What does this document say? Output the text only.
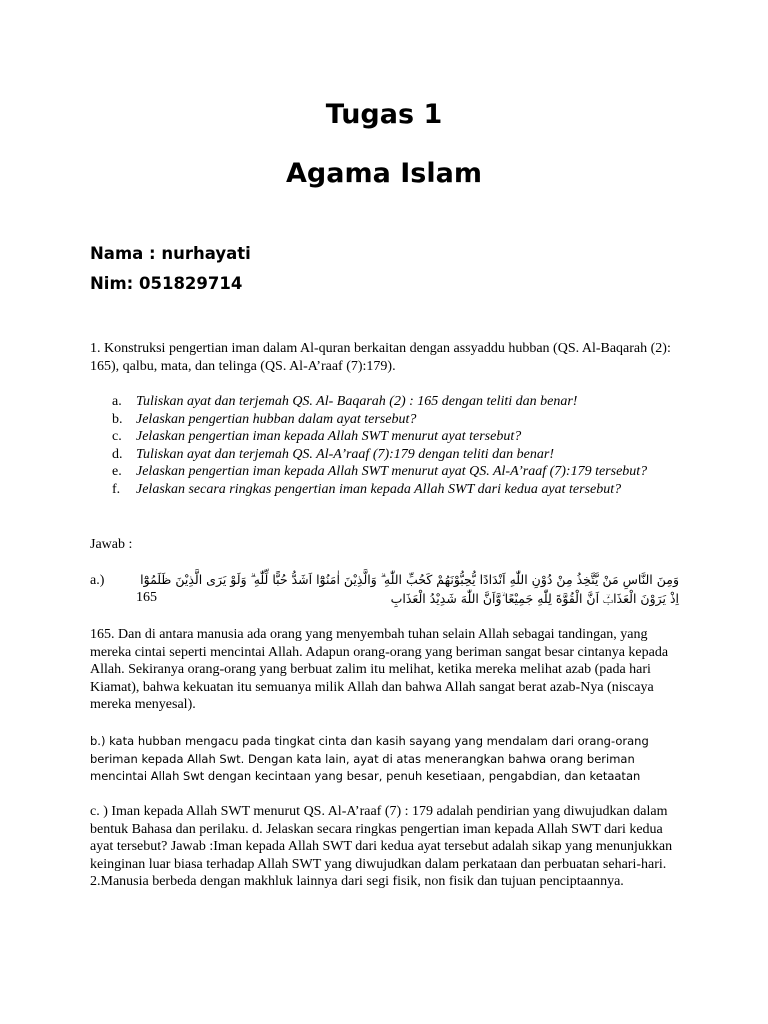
Tugas 1
Agama Islam
Nama : nurhayati
Nim: 051829714

1. Konstruksi pengertian iman dalam Al-quran berkaitan dengan assyaddu hubban (QS. Al-Baqarah (2): 165), qalbu, mata, dan telinga (QS. Al-A’raaf (7):179).

a. Tuliskan ayat dan terjemah QS. Al- Baqarah (2) : 165 dengan teliti dan benar!
b. Jelaskan pengertian hubban dalam ayat tersebut?
c. Jelaskan pengertian iman kepada Allah SWT menurut ayat tersebut?
d. Tuliskan ayat dan terjemah QS. Al-A’raaf (7):179 dengan teliti dan benar!
e. Jelaskan pengertian iman kepada Allah SWT menurut ayat QS. Al-A’raaf (7):179 tersebut?
f. Jelaskan secara ringkas pengertian iman kepada Allah SWT dari kedua ayat tersebut?
Jawab :
a.)	وَمِنَ النَّاسِ مَنْ يَّتَّخِذُ مِنْ دُوْنِ اللّٰهِ اَنْدَادًا يُّحِبُّوْنَهُمْ كَحُبِّ اللّٰهِ ۗ وَالَّذِيْنَ اٰمَنُوْٓا اَشَدُّ حُبًّا لِّلّٰهِ ۗ وَلَوْ يَرَى الَّذِيْنَ ظَلَمُوْٓا اِذْ يَرَوْنَ الْعَذَابَۙ اَنَّ الْقُوَّةَ لِلّٰهِ جَمِيْعًا ۙوَّاَنَّ اللّٰهَ شَدِيْدُ الْعَذَابِ
165

165. Dan di antara manusia ada orang yang menyembah tuhan selain Allah sebagai tandingan, yang mereka cintai seperti mencintai Allah. Adapun orang-orang yang beriman sangat besar cintanya kepada Allah. Sekiranya orang-orang yang berbuat zalim itu melihat, ketika mereka melihat azab (pada hari Kiamat), bahwa kekuatan itu semuanya milik Allah dan bahwa Allah sangat berat azab-Nya (niscaya mereka menyesal).

b.) kata hubban mengacu pada tingkat cinta dan kasih sayang yang mendalam dari orang-orang beriman kepada Allah Swt. Dengan kata lain, ayat di atas menerangkan bahwa orang beriman mencintai Allah Swt dengan kecintaan yang besar, penuh kesetiaan, pengabdian, dan ketaatan

c. ) Iman kepada Allah SWT menurut QS. Al-A’raaf (7) : 179 adalah pendirian yang diwujudkan dalam bentuk Bahasa dan perilaku. d. Jelaskan secara ringkas pengertian iman kepada Allah SWT dari kedua ayat tersebut? Jawab :Iman kepada Allah SWT dari kedua ayat tersebut adalah sikap yang menunjukkan keinginan luar biasa terhadap Allah SWT yang diwujudkan dalam perkataan dan perbuatan sehari-hari. 2.Manusia berbeda dengan makhluk lainnya dari segi fisik, non fisik dan tujuan penciptaannya.
